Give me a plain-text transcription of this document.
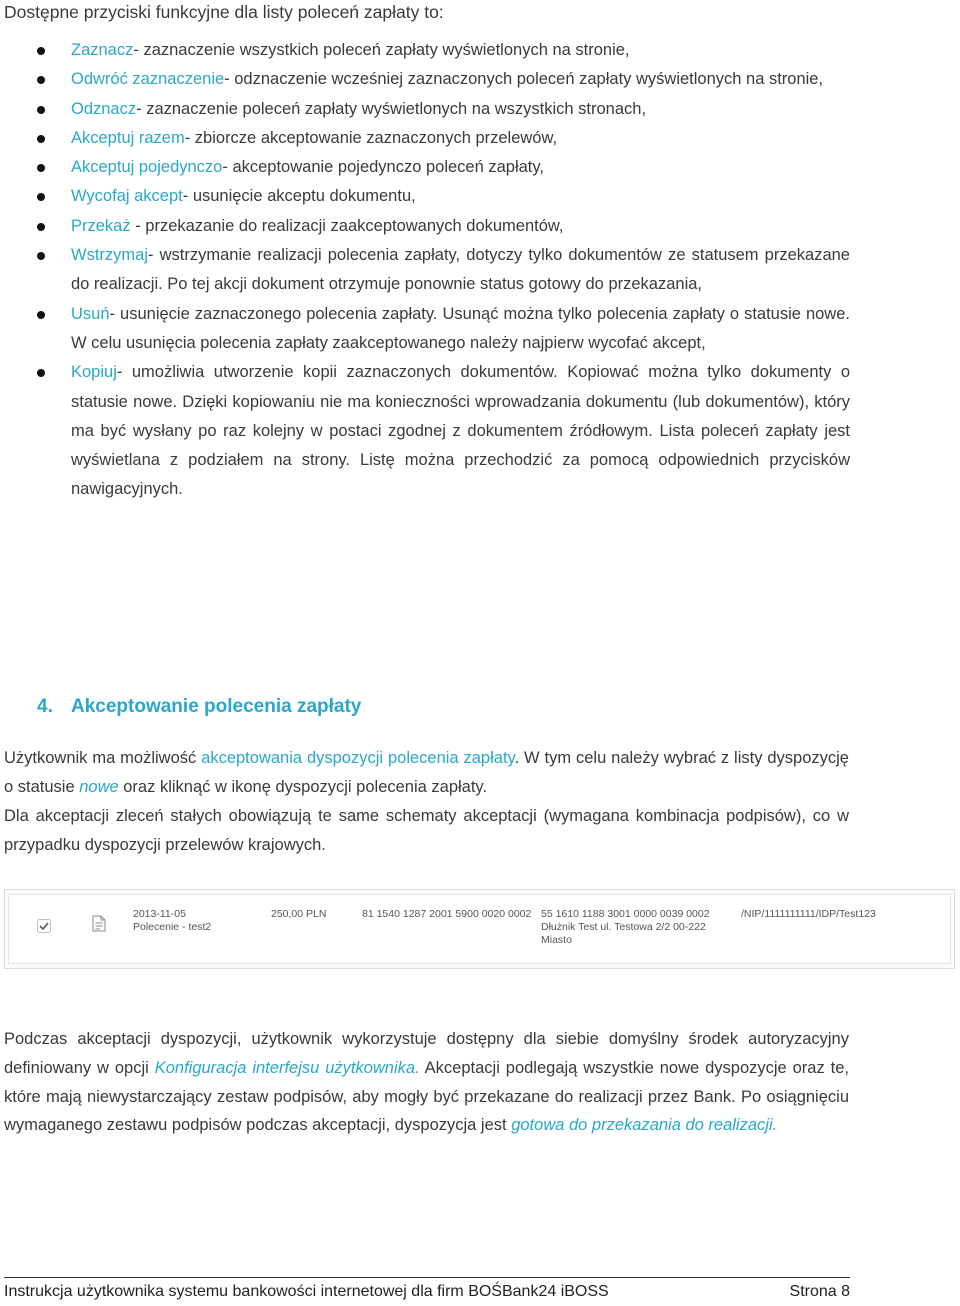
Dostępne przyciski funkcyjne dla listy poleceń zapłaty to:
Zaznacz- zaznaczenie wszystkich poleceń zapłaty wyświetlonych na stronie,
Odwróć zaznaczenie- odznaczenie wcześniej zaznaczonych poleceń zapłaty wyświetlonych na stronie,
Odznacz- zaznaczenie poleceń zapłaty wyświetlonych na wszystkich stronach,
Akceptuj razem- zbiorcze akceptowanie zaznaczonych przelewów,
Akceptuj pojedynczo- akceptowanie pojedynczo poleceń zapłaty,
Wycofaj akcept- usunięcie akceptu dokumentu,
Przekaż - przekazanie do realizacji zaakceptowanych dokumentów,
Wstrzymaj- wstrzymanie realizacji polecenia zapłaty, dotyczy tylko dokumentów ze statusem przekazane do realizacji. Po tej akcji dokument otrzymuje ponownie status gotowy do przekazania,
Usuń- usunięcie zaznaczonego polecenia zapłaty. Usunąć można tylko polecenia zapłaty o statusie nowe. W celu usunięcia polecenia zapłaty zaakceptowanego należy najpierw wycofać akcept,
Kopiuj- umożliwia utworzenie kopii zaznaczonych dokumentów. Kopiować można tylko dokumenty o statusie nowe. Dzięki kopiowaniu nie ma konieczności wprowadzania dokumentu (lub dokumentów), który ma być wysłany po raz kolejny w postaci zgodnej z dokumentem źródłowym. Lista poleceń zapłaty jest wyświetlana z podziałem na strony. Listę można przechodzić za pomocą odpowiednich przycisków nawigacyjnych.
4. Akceptowanie polecenia zapłaty

Użytkownik ma możliwość akceptowania dyspozycji polecenia zapłaty. W tym celu należy wybrać z listy dyspozycję o statusie nowe oraz kliknąć w ikonę dyspozycji polecenia zapłaty.

Dla akceptacji zleceń stałych obowiązują te same schematy akceptacji (wymagana kombinacja podpisów), co w przypadku dyspozycji przelewów krajowych.

2013-11-05
Polecenie - test2
250,00 PLN	81 1540 1287 2001 5900 0020 0002 55 1610 1188 3001 0000 0039 0002
Dłużnik Test ul. Testowa 2/2 00-222
Miasto
/NIP/1111111111/IDP/Test123

Podczas akceptacji dyspozycji, użytkownik wykorzystuje dostępny dla siebie domyślny środek autoryzacyjny definiowany w opcji Konfiguracja interfejsu użytkownika. Akceptacji podlegają wszystkie nowe dyspozycje oraz te, które mają niewystarczający zestaw podpisów, aby mogły być przekazane do realizacji przez Bank. Po osiągnięciu wymaganego zestawu podpisów podczas akceptacji, dyspozycja jest gotowa do przekazania do realizacji.

Instrukcja użytkownika systemu bankowości internetowej dla firm BOŚBank24 iBOSS	Strona 8
